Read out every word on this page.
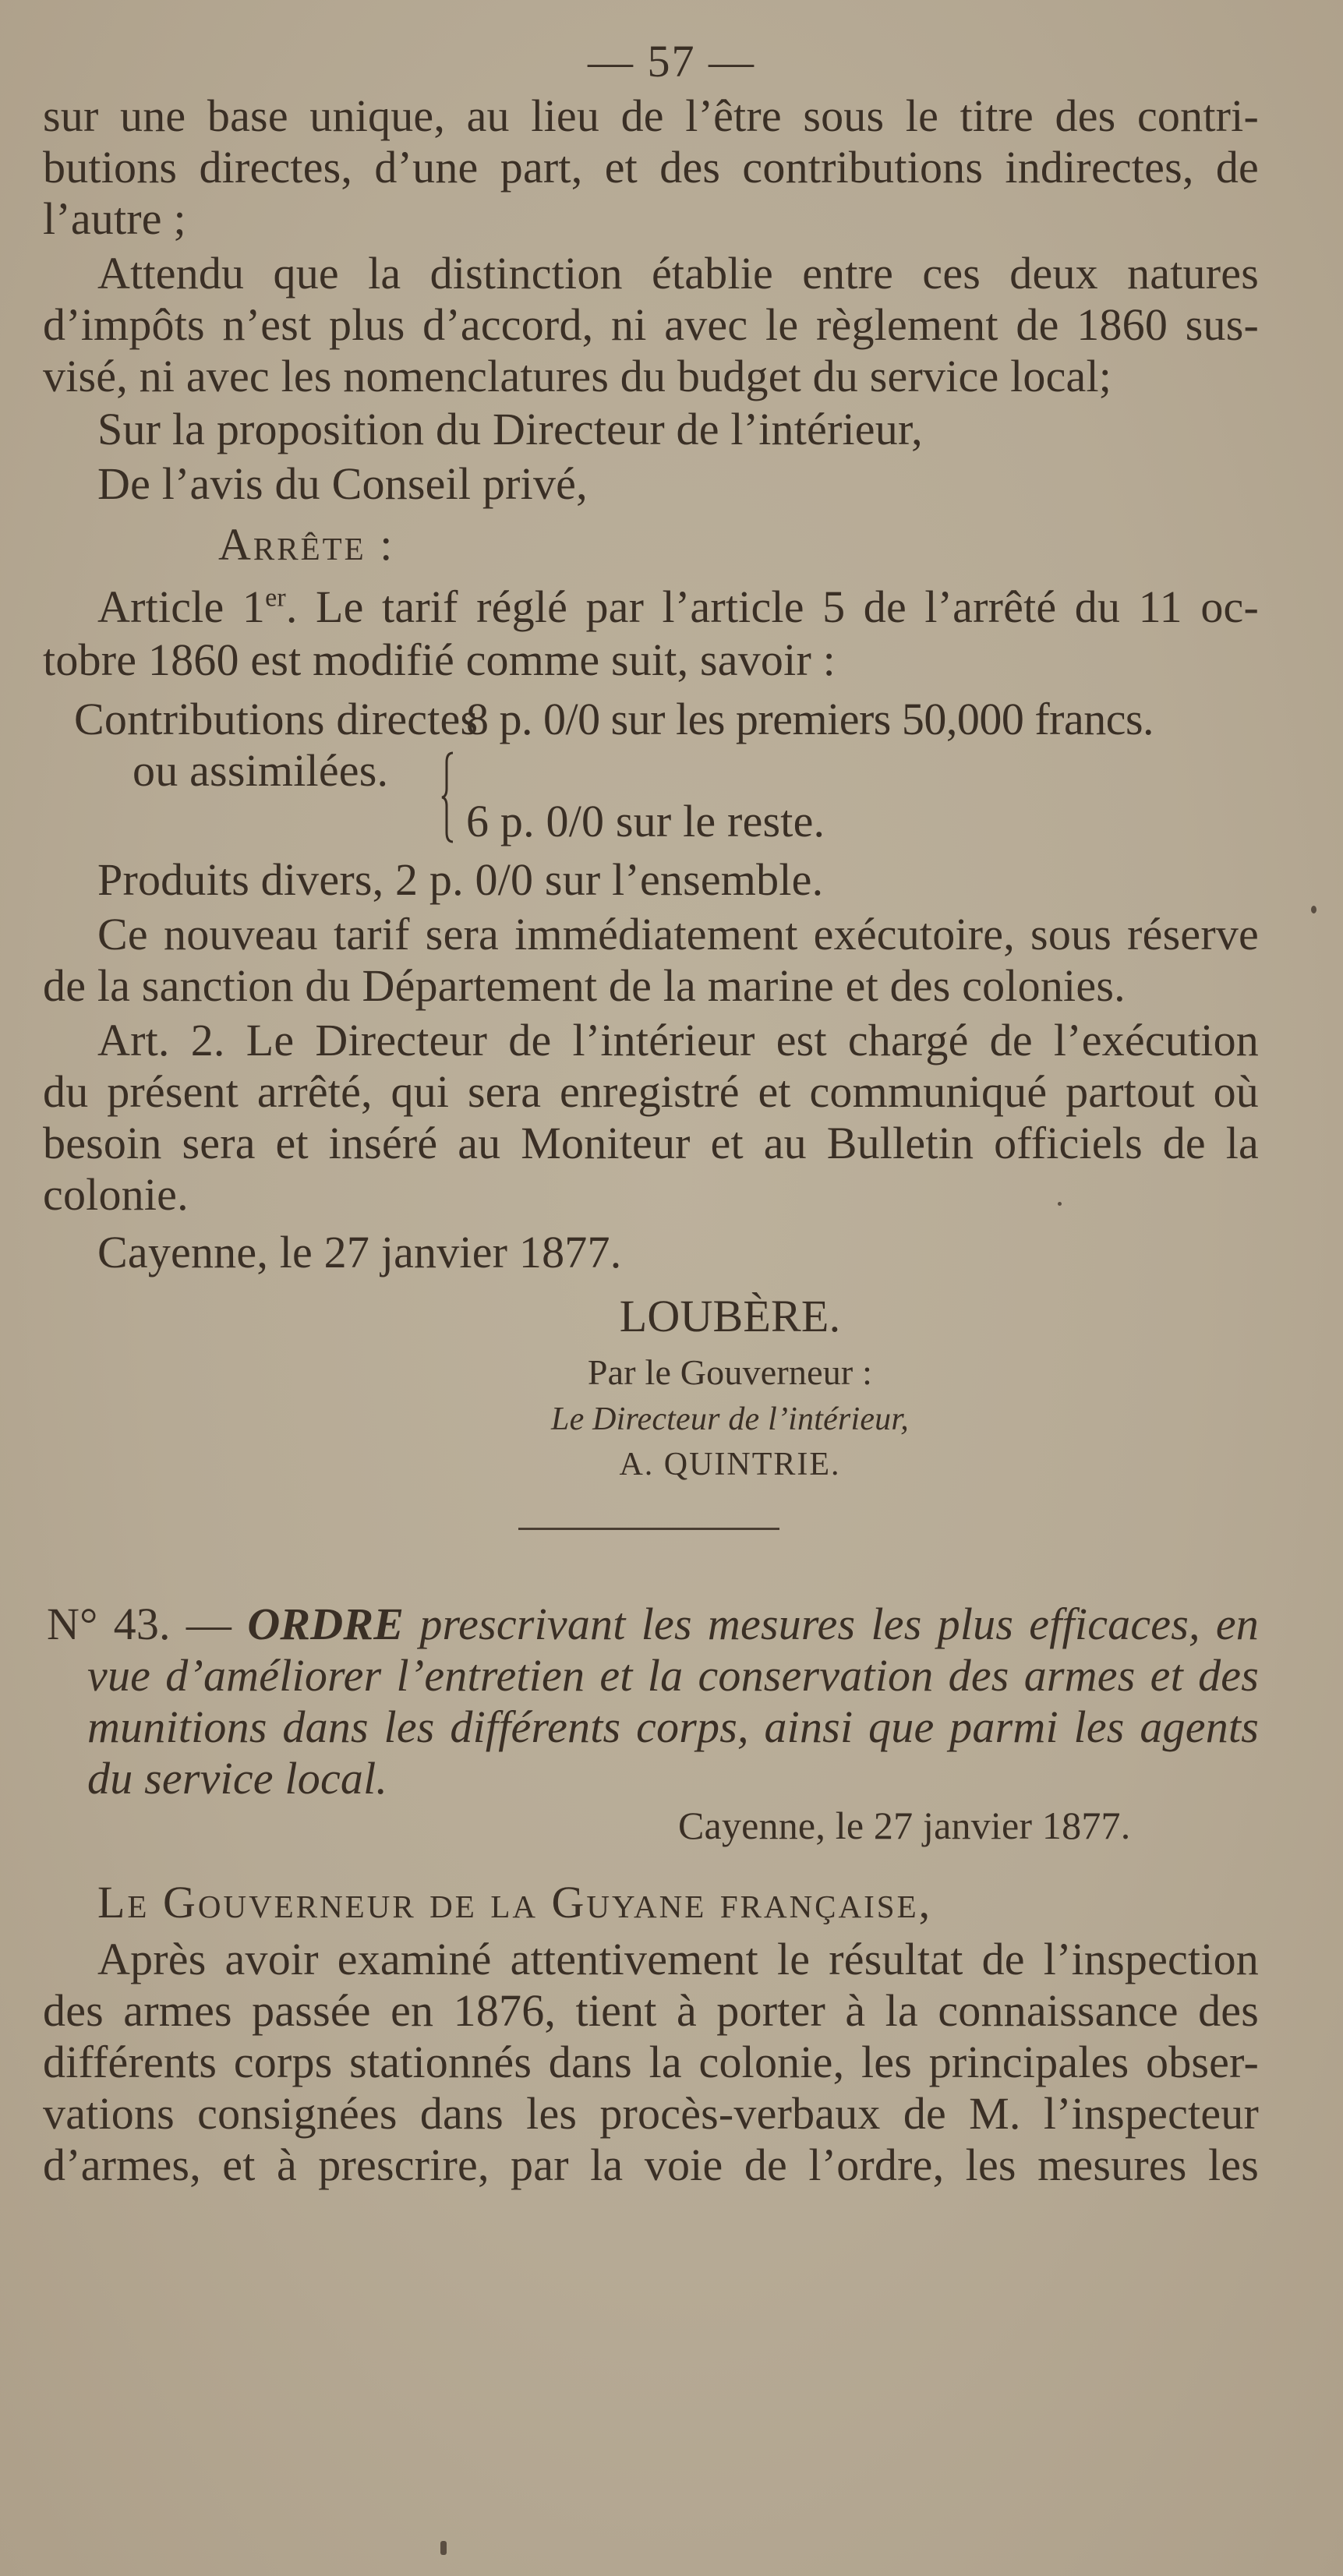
— 57 —
sur une base unique, au lieu de l’être sous le titre des contri-
butions directes, d’une part, et des contributions indirectes, de
l’autre ;
Attendu que la distinction établie entre ces deux natures
d’impôts n’est plus d’accord, ni avec le règlement de 1860 sus-
visé, ni avec les nomenclatures du budget du service local;
Sur la proposition du Directeur de l’intérieur,
De l’avis du Conseil privé,
Arrête :
Article 1er. Le tarif réglé par l’article 5 de l’arrêté du 11 oc-
tobre 1860 est modifié comme suit, savoir :
Contributions directes
ou assimilées.
8 p. 0/0 sur les premiers 50,000 francs.
6 p. 0/0 sur le reste.
Produits divers, 2 p. 0/0 sur l’ensemble.
Ce nouveau tarif sera immédiatement exécutoire, sous réserve
de la sanction du Département de la marine et des colonies.
Art. 2. Le Directeur de l’intérieur est chargé de l’exécution
du présent arrêté, qui sera enregistré et communiqué partout où
besoin sera et inséré au Moniteur et au Bulletin officiels de la
colonie.
Cayenne, le 27 janvier 1877.
LOUBÈRE.
Par le Gouverneur :
Le Directeur de l’intérieur,
A. QUINTRIE.
N° 43. — ORDRE prescrivant les mesures les plus efficaces, en
vue d’améliorer l’entretien et la conservation des armes et des
munitions dans les différents corps, ainsi que parmi les agents
du service local.
Cayenne, le 27 janvier 1877.
Le Gouverneur de la Guyane française,
Après avoir examiné attentivement le résultat de l’inspection
des armes passée en 1876, tient à porter à la connaissance des
différents corps stationnés dans la colonie, les principales obser-
vations consignées dans les procès-verbaux de M. l’inspecteur
d’armes, et à prescrire, par la voie de l’ordre, les mesures les
